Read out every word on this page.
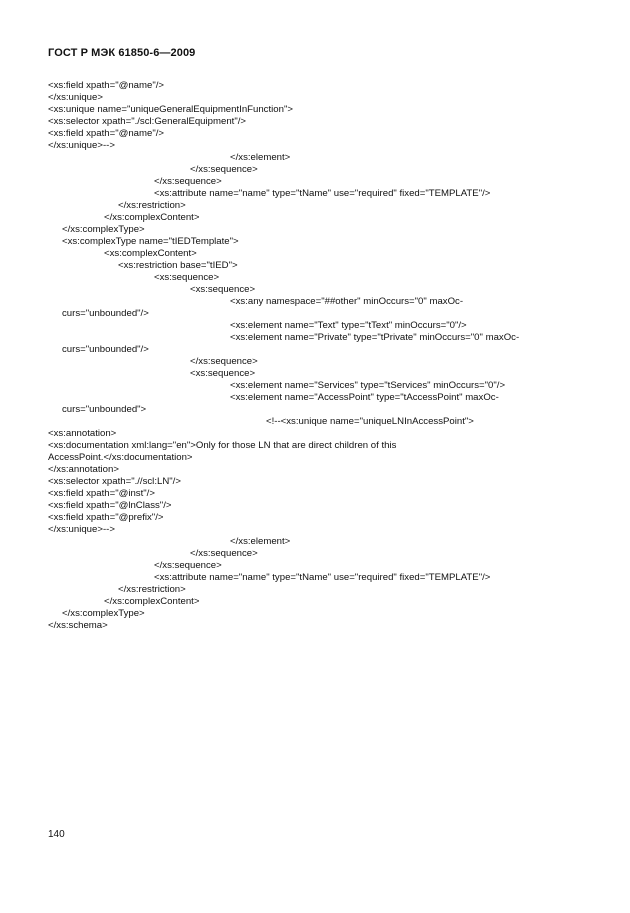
ГОСТ Р МЭК 61850-6—2009
<xs:field xpath="@name"/>
</xs:unique>
<xs:unique name="uniqueGeneralEquipmentInFunction">
<xs:selector xpath="./scl:GeneralEquipment"/>
<xs:field xpath="@name"/>
</xs:unique>-->
</xs:element>
</xs:sequence>
</xs:sequence>
<xs:attribute name="name" type="tName" use="required" fixed="TEMPLATE"/>
</xs:restriction>
</xs:complexContent>
</xs:complexType>
<xs:complexType name="tIEDTemplate">
<xs:complexContent>
<xs:restriction base="tIED">
<xs:sequence>
<xs:sequence>
<xs:any namespace="##other" minOccurs="0" maxOc-
curs="unbounded"/>
<xs:element name="Text" type="tText" minOccurs="0"/>
<xs:element name="Private" type="tPrivate" minOccurs="0" maxOc-
curs="unbounded"/>
</xs:sequence>
<xs:sequence>
<xs:element name="Services" type="tServices" minOccurs="0"/>
<xs:element name="AccessPoint" type="tAccessPoint" maxOc-
curs="unbounded">
<!--<xs:unique name="uniqueLNInAccessPoint">
<xs:annotation>
<xs:documentation xml:lang="en">Only for those LN that are direct children of this
AccessPoint.</xs:documentation>
</xs:annotation>
<xs:selector xpath=".//scl:LN"/>
<xs:field xpath="@inst"/>
<xs:field xpath="@lnClass"/>
<xs:field xpath="@prefix"/>
</xs:unique>-->
</xs:element>
</xs:sequence>
</xs:sequence>
<xs:attribute name="name" type="tName" use="required" fixed="TEMPLATE"/>
</xs:restriction>
</xs:complexContent>
</xs:complexType>
</xs:schema>
140
